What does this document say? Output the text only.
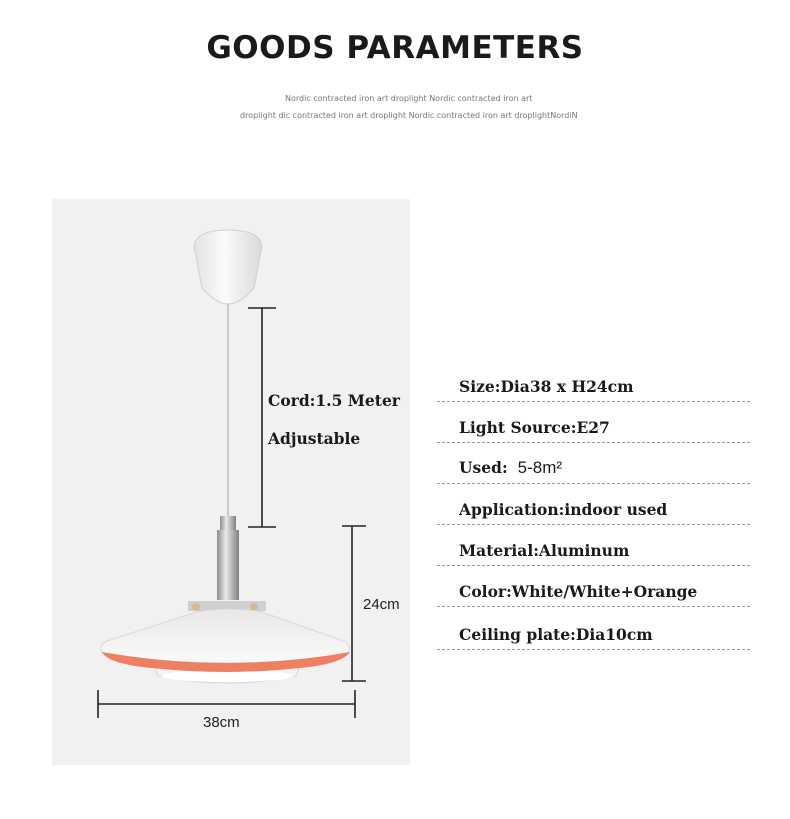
GOODS PARAMETERS
Nordic contracted iron art droplight Nordic contracted iron art
droplight dic contracted iron art droplight Nordic contracted iron art droplightNordiN
Cord:1.5 Meter
Adjustable
24cm
38cm
Size:Dia38 x H24cm
Light Source:E27
Used: 5-8m²
Application:indoor used
Material:Aluminum
Color:White/White+Orange
Ceiling plate:Dia10cm
